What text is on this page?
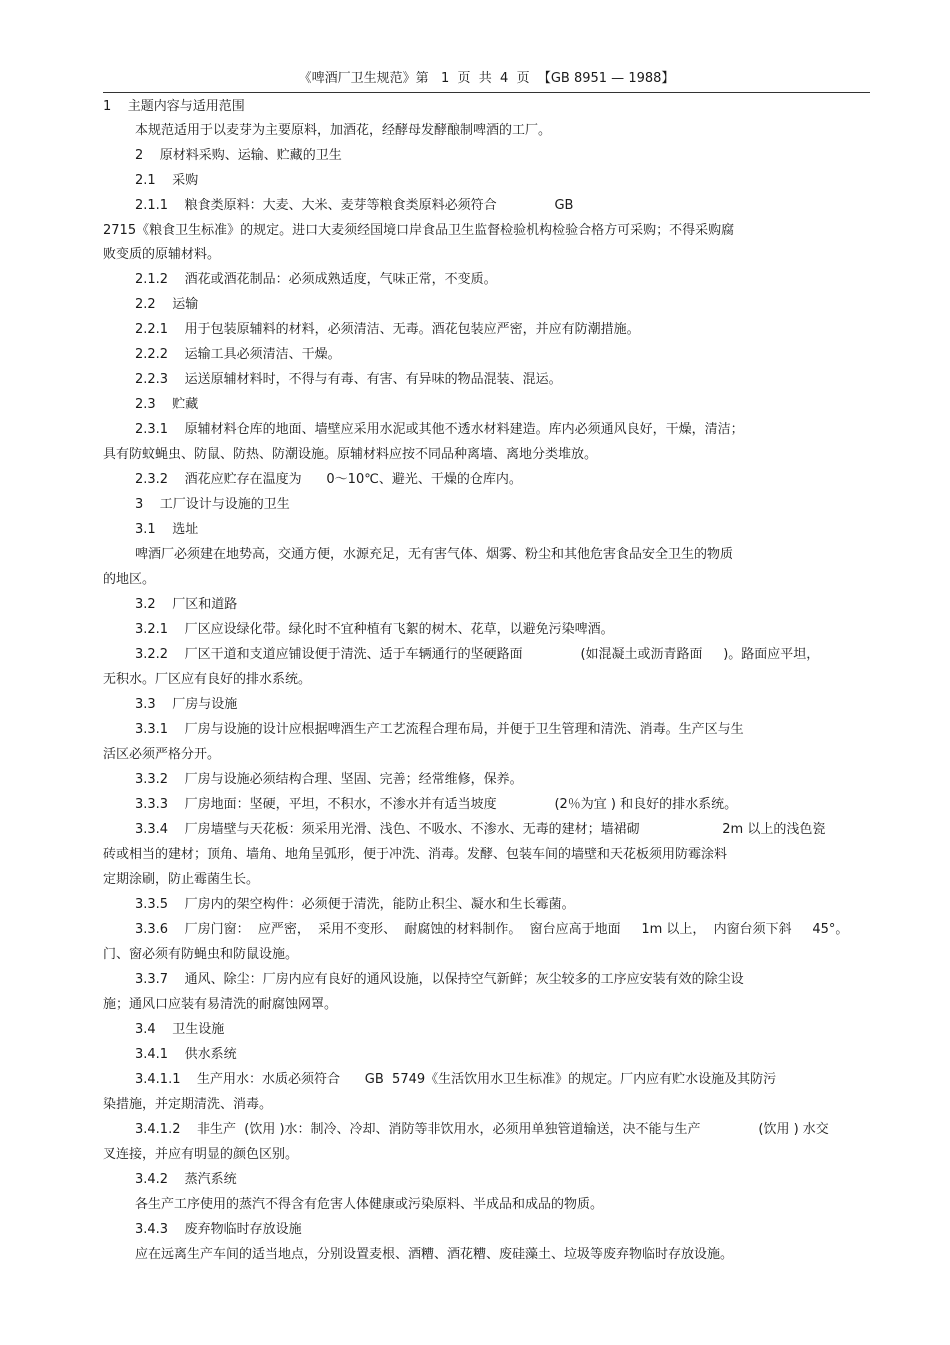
《啤酒厂卫生规范》第   1  页  共  4  页  【GB 8951 — 1988】
1    主题内容与适用范围
本规范适用于以麦芽为主要原料，加酒花，经酵母发酵酿制啤酒的工厂。
2    原材料采购、运输、贮藏的卫生
2.1    采购
2.1.1    粮食类原料：大麦、大米、麦芽等粮食类原料必须符合              GB
2715《粮食卫生标准》的规定。进口大麦须经国境口岸食品卫生监督检验机构检验合格方可采购；不得采购腐
败变质的原辅材料。
2.1.2    酒花或酒花制品：必须成熟适度，气味正常，不变质。
2.2    运输
2.2.1    用于包装原辅料的材料，必须清洁、无毒。酒花包装应严密，并应有防潮措施。
2.2.2    运输工具必须清洁、干燥。
2.2.3    运送原辅材料时，不得与有毒、有害、有异味的物品混装、混运。
2.3    贮藏
2.3.1    原辅材料仓库的地面、墙壁应采用水泥或其他不透水材料建造。库内必须通风良好，干燥，清洁；
具有防蚊蝇虫、防鼠、防热、防潮设施。原辅材料应按不同品种离墙、离地分类堆放。
2.3.2    酒花应贮存在温度为      0～10℃、避光、干燥的仓库内。
3    工厂设计与设施的卫生
3.1    选址
啤酒厂必须建在地势高，交通方便，水源充足，无有害气体、烟雾、粉尘和其他危害食品安全卫生的物质
的地区。
3.2    厂区和道路
3.2.1    厂区应设绿化带。绿化时不宜种植有飞絮的树木、花草，以避免污染啤酒。
3.2.2    厂区干道和支道应铺设便于清洗、适于车辆通行的坚硬路面              (如混凝土或沥青路面     )。路面应平坦，
无积水。厂区应有良好的排水系统。
3.3    厂房与设施
3.3.1    厂房与设施的设计应根据啤酒生产工艺流程合理布局，并便于卫生管理和清洗、消毒。生产区与生
活区必须严格分开。
3.3.2    厂房与设施必须结构合理、坚固、完善；经常维修，保养。
3.3.3    厂房地面：坚硬，平坦，不积水，不渗水并有适当坡度              (2％为宜 ) 和良好的排水系统。
3.3.4    厂房墙壁与天花板：须采用光滑、浅色、不吸水、不渗水、无毒的建材；墙裙砌                    2m 以上的浅色瓷
砖或相当的建材；顶角、墙角、地角呈弧形，便于冲洗、消毒。发酵、包装车间的墙壁和天花板须用防霉涂料
定期涂刷，防止霉菌生长。
3.3.5    厂房内的架空构件：必须便于清洗，能防止积尘、凝水和生长霉菌。
3.3.6    厂房门窗：  应严密，  采用不变形、  耐腐蚀的材料制作。  窗台应高于地面     1m 以上，  内窗台须下斜     45°。
门、窗必须有防蝇虫和防鼠设施。
3.3.7    通风、除尘：厂房内应有良好的通风设施，以保持空气新鲜；灰尘较多的工序应安装有效的除尘设
施；通风口应装有易清洗的耐腐蚀网罩。
3.4    卫生设施
3.4.1    供水系统
3.4.1.1    生产用水：水质必须符合      GB  5749《生活饮用水卫生标准》的规定。厂内应有贮水设施及其防污
染措施，并定期清洗、消毒。
3.4.1.2    非生产  (饮用 )水：制冷、冷却、消防等非饮用水，必须用单独管道输送，决不能与生产              (饮用 ) 水交
叉连接，并应有明显的颜色区别。
3.4.2    蒸汽系统
各生产工序使用的蒸汽不得含有危害人体健康或污染原料、半成品和成品的物质。
3.4.3    废弃物临时存放设施
应在远离生产车间的适当地点，分别设置麦根、酒糟、酒花糟、废硅藻土、垃圾等废弃物临时存放设施。
